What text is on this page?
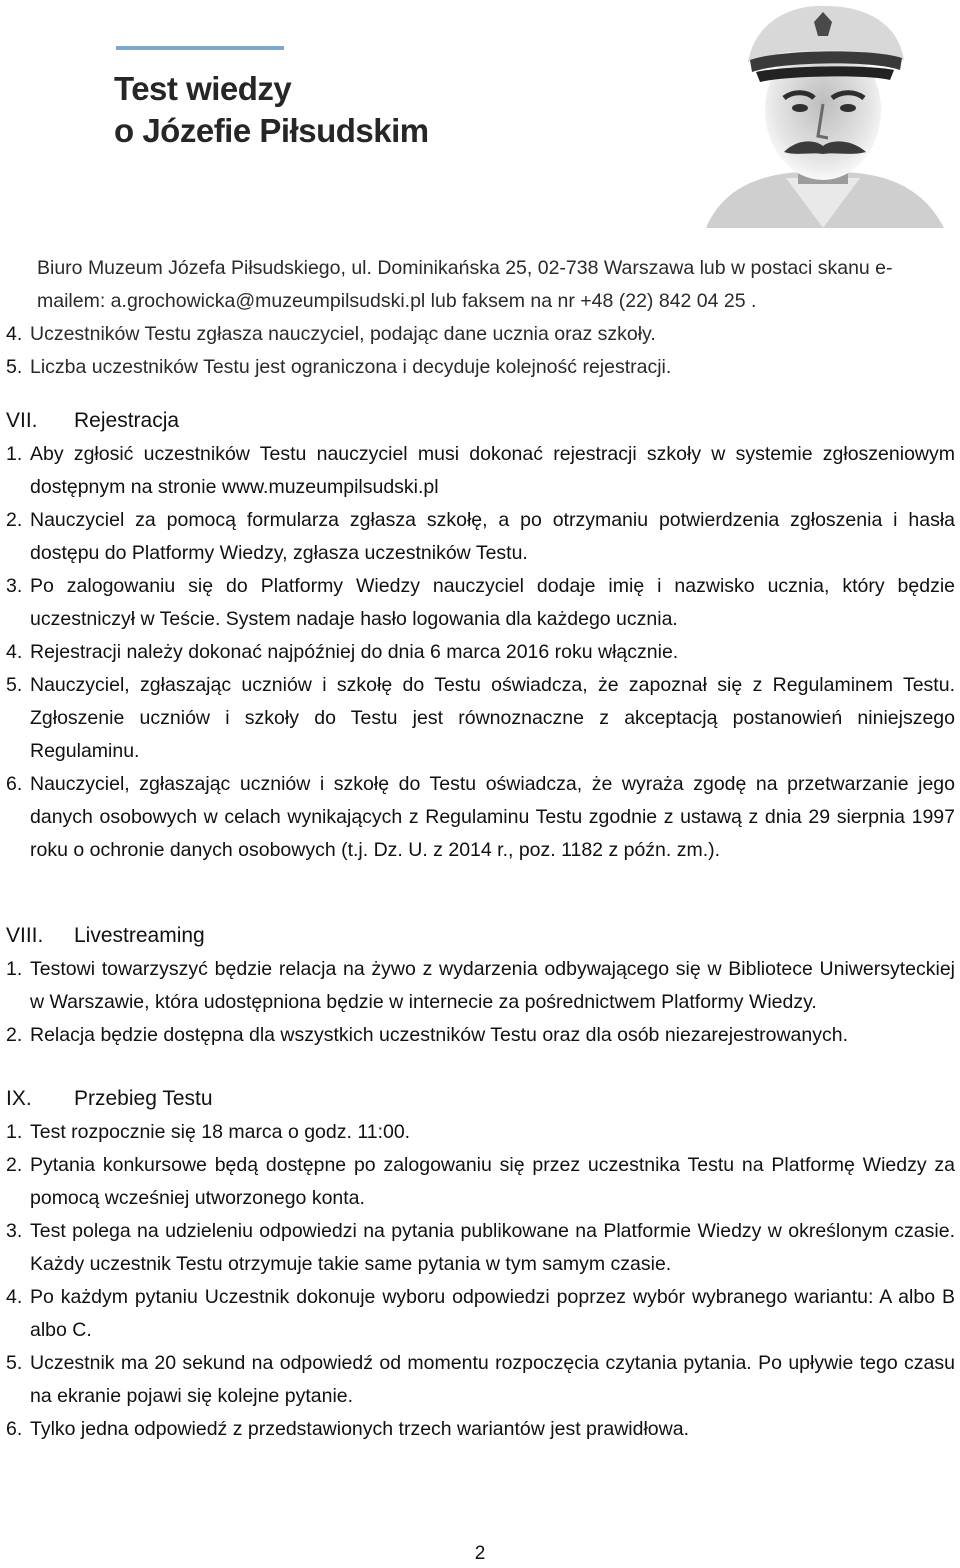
Test wiedzy
o Józefie Piłsudskim

Biuro Muzeum Józefa Piłsudskiego, ul. Dominikańska 25, 02-738 Warszawa lub w postaci skanu e-mailem: a.grochowicka@muzeumpilsudski.pl lub faksem na nr +48 (22) 842 04 25 .

4. Uczestników Testu zgłasza nauczyciel, podając dane ucznia oraz szkoły.
5. Liczba uczestników Testu jest ograniczona i decyduje kolejność rejestracji.
VII.	Rejestracja
1. Aby zgłosić uczestników Testu nauczyciel musi dokonać rejestracji szkoły w systemie zgłoszeniowym dostępnym na stronie www.muzeumpilsudski.pl
2. Nauczyciel za pomocą formularza zgłasza szkołę, a po otrzymaniu potwierdzenia zgłoszenia i hasła dostępu do Platformy Wiedzy, zgłasza uczestników Testu.
3. Po zalogowaniu się do Platformy Wiedzy nauczyciel dodaje imię i nazwisko ucznia, który będzie uczestniczył w Teście. System nadaje hasło logowania dla każdego ucznia.
4. Rejestracji należy dokonać najpóźniej do dnia 6 marca 2016 roku włącznie.
5. Nauczyciel, zgłaszając uczniów i szkołę do Testu oświadcza, że zapoznał się z Regulaminem Testu. Zgłoszenie uczniów i szkoły do Testu jest równoznaczne z akceptacją postanowień niniejszego Regulaminu.
6. Nauczyciel, zgłaszając uczniów i szkołę do Testu oświadcza, że wyraża zgodę na przetwarzanie jego danych osobowych w celach wynikających z Regulaminu Testu zgodnie z ustawą z dnia 29 sierpnia 1997 roku o ochronie danych osobowych (t.j. Dz. U. z 2014 r., poz. 1182 z późn. zm.).
VIII.	Livestreaming
1. Testowi towarzyszyć będzie relacja na żywo z wydarzenia odbywającego się w Bibliotece Uniwersyteckiej w Warszawie, która udostępniona będzie w internecie za pośrednictwem Platformy Wiedzy.
2. Relacja będzie dostępna dla wszystkich uczestników Testu oraz dla osób niezarejestrowanych.
IX.	Przebieg Testu
1. Test rozpocznie się 18 marca o godz. 11:00.
2. Pytania konkursowe będą dostępne po zalogowaniu się przez uczestnika Testu na Platformę Wiedzy za pomocą wcześniej utworzonego konta.
3. Test polega na udzieleniu odpowiedzi na pytania publikowane na Platformie Wiedzy w określonym czasie. Każdy uczestnik Testu otrzymuje takie same pytania w tym samym czasie.
4. Po każdym pytaniu Uczestnik dokonuje wyboru odpowiedzi poprzez wybór wybranego wariantu: A albo B albo C.
5. Uczestnik ma 20 sekund na odpowiedź od momentu rozpoczęcia czytania pytania. Po upływie tego czasu na ekranie pojawi się kolejne pytanie.
6. Tylko jedna odpowiedź z przedstawionych trzech wariantów jest prawidłowa.
2
